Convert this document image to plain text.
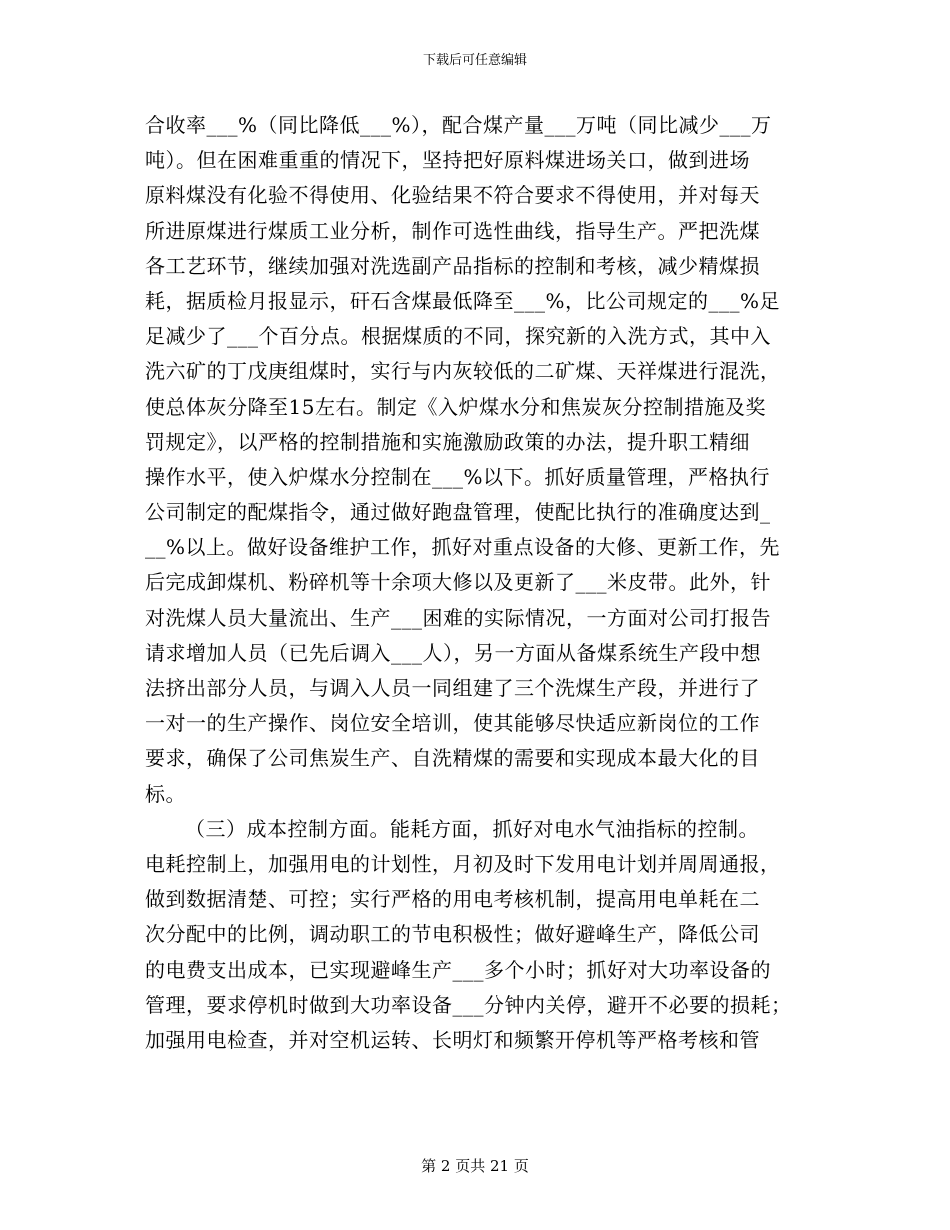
下载后可任意编辑
合收率___%（同比降低___%），配合煤产量___万吨（同比减少___万
吨）。但在困难重重的情况下，坚持把好原料煤进场关口，做到进场
原料煤没有化验不得使用、化验结果不符合要求不得使用，并对每天
所进原煤进行煤质工业分析，制作可选性曲线，指导生产。严把洗煤
各工艺环节，继续加强对洗选副产品指标的控制和考核，减少精煤损
耗，据质检月报显示，矸石含煤最低降至___%，比公司规定的___%足
足减少了___个百分点。根据煤质的不同，探究新的入洗方式，其中入
洗六矿的丁戊庚组煤时，实行与内灰较低的二矿煤、天祥煤进行混洗，
使总体灰分降至15左右。制定《入炉煤水分和焦炭灰分控制措施及奖
罚规定》，以严格的控制措施和实施激励政策的办法，提升职工精细
操作水平，使入炉煤水分控制在___%以下。抓好质量管理，严格执行
公司制定的配煤指令，通过做好跑盘管理，使配比执行的准确度达到_
__%以上。做好设备维护工作，抓好对重点设备的大修、更新工作，先
后完成卸煤机、粉碎机等十余项大修以及更新了___米皮带。此外，针
对洗煤人员大量流出、生产___困难的实际情况，一方面对公司打报告
请求增加人员（已先后调入___人），另一方面从备煤系统生产段中想
法挤出部分人员，与调入人员一同组建了三个洗煤生产段，并进行了
一对一的生产操作、岗位安全培训，使其能够尽快适应新岗位的工作
要求，确保了公司焦炭生产、自洗精煤的需要和实现成本最大化的目
标。
（三）成本控制方面。能耗方面，抓好对电水气油指标的控制。
电耗控制上，加强用电的计划性，月初及时下发用电计划并周周通报，
做到数据清楚、可控；实行严格的用电考核机制，提高用电单耗在二
次分配中的比例，调动职工的节电积极性；做好避峰生产，降低公司
的电费支出成本，已实现避峰生产___多个小时；抓好对大功率设备的
管理，要求停机时做到大功率设备___分钟内关停，避开不必要的损耗；
加强用电检查，并对空机运转、长明灯和频繁开停机等严格考核和管
第 2 页共 21 页
